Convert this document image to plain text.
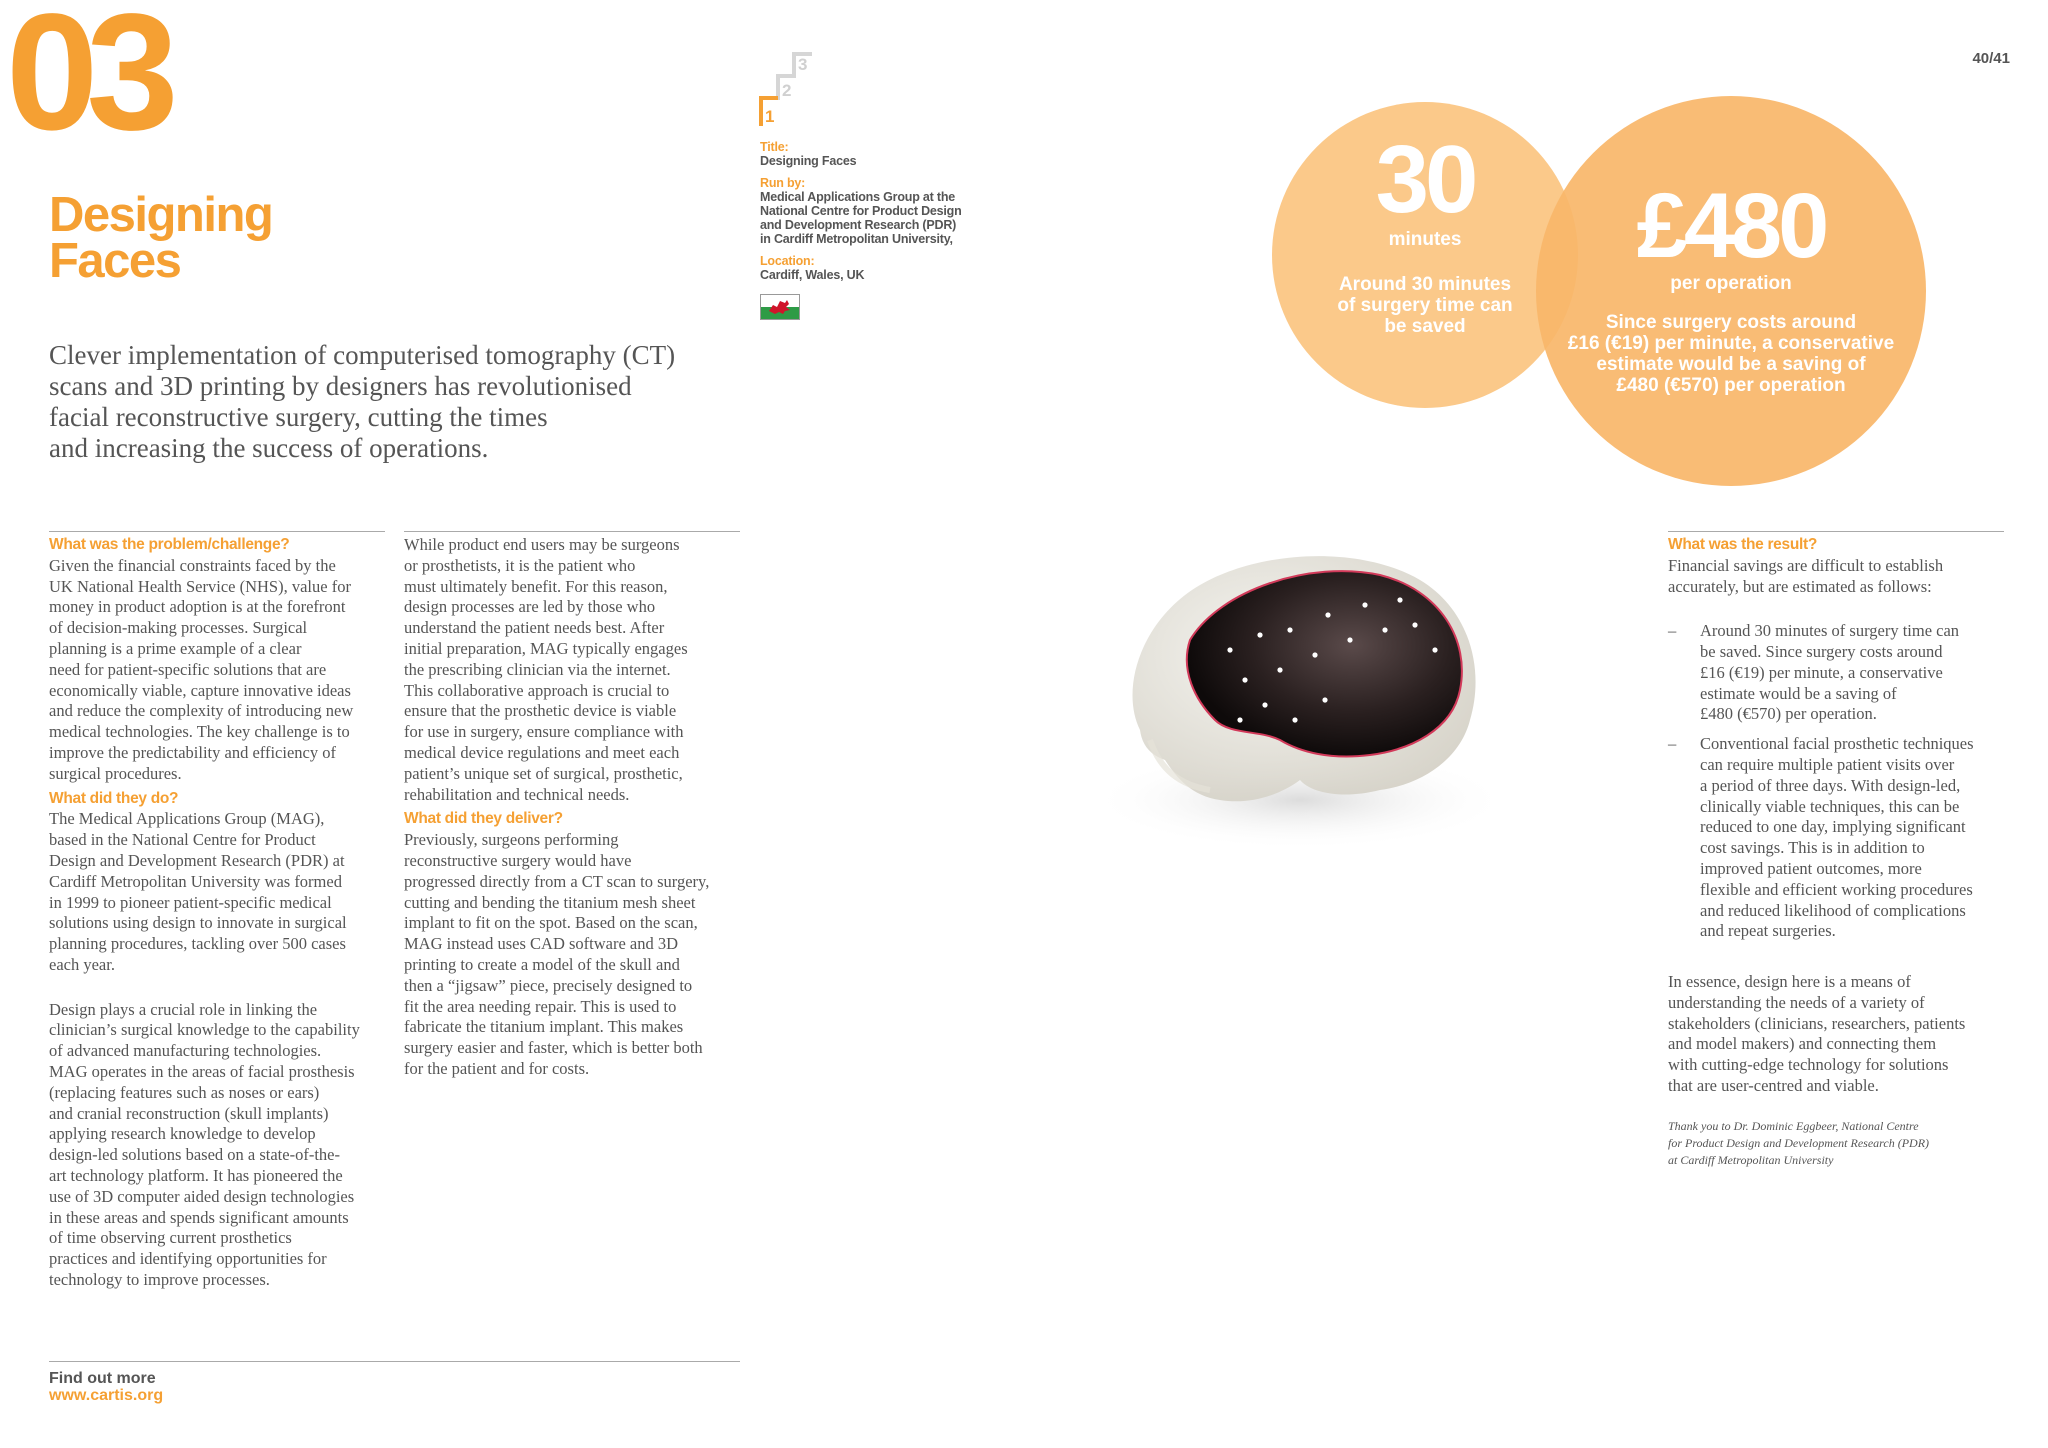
03
Designing
Faces
Clever implementation of computerised tomography (CT)
scans and 3D printing by designers has revolutionised
facial reconstructive surgery, cutting the times
and increasing the success of operations.
1
2
3
Title:
Designing Faces
Run by:
Medical Applications Group at the
National Centre for Product Design
and Development Research (PDR)
in Cardiff Metropolitan University,
Location:
Cardiff, Wales, UK
40/41
30
minutes
Around 30 minutes
of surgery time can
be saved
£480
per operation
Since surgery costs around
£16 (€19) per minute, a conservative
estimate would be a saving of
£480 (€570) per operation
What was the problem/challenge?

Given the financial constraints faced by the
UK National Health Service (NHS), value for
money in product adoption is at the forefront
of decision-making processes. Surgical
planning is a prime example of a clear
need for patient-specific solutions that are
economically viable, capture innovative ideas
and reduce the complexity of introducing new
medical technologies. The key challenge is to
improve the predictability and efficiency of
surgical procedures.

What did they do?

The Medical Applications Group (MAG),
based in the National Centre for Product
Design and Development Research (PDR) at
Cardiff Metropolitan University was formed
in 1999 to pioneer patient-specific medical
solutions using design to innovate in surgical
planning procedures, tackling over 500 cases
each year.

Design plays a crucial role in linking the
clinician’s surgical knowledge to the capability
of advanced manufacturing technologies.
MAG operates in the areas of facial prosthesis
(replacing features such as noses or ears)
and cranial reconstruction (skull implants)
applying research knowledge to develop
design-led solutions based on a state-of-the-
art technology platform. It has pioneered the
use of 3D computer aided design technologies
in these areas and spends significant amounts
of time observing current prosthetics
practices and identifying opportunities for
technology to improve processes.

While product end users may be surgeons
or prosthetists, it is the patient who
must ultimately benefit. For this reason,
design processes are led by those who
understand the patient needs best. After
initial preparation, MAG typically engages
the prescribing clinician via the internet.
This collaborative approach is crucial to
ensure that the prosthetic device is viable
for use in surgery, ensure compliance with
medical device regulations and meet each
patient’s unique set of surgical, prosthetic,
rehabilitation and technical needs.

What did they deliver?

Previously, surgeons performing
reconstructive surgery would have
progressed directly from a CT scan to surgery,
cutting and bending the titanium mesh sheet
implant to fit on the spot. Based on the scan,
MAG instead uses CAD software and 3D
printing to create a model of the skull and
then a “jigsaw” piece, precisely designed to
fit the area needing repair. This is used to
fabricate the titanium implant. This makes
surgery easier and faster, which is better both
for the patient and for costs.

What was the result?

Financial savings are difficult to establish
accurately, but are estimated as follows:

– Around 30 minutes of surgery time can
be saved. Since surgery costs around
£16 (€19) per minute, a conservative
estimate would be a saving of
£480 (€570) per operation.
– Conventional facial prosthetic techniques
can require multiple patient visits over
a period of three days. With design-led,
clinically viable techniques, this can be
reduced to one day, implying significant
cost savings. This is in addition to
improved patient outcomes, more
flexible and efficient working procedures
and reduced likelihood of complications
and repeat surgeries.

In essence, design here is a means of
understanding the needs of a variety of
stakeholders (clinicians, researchers, patients
and model makers) and connecting them
with cutting-edge technology for solutions
that are user-centred and viable.

Thank you to Dr. Dominic Eggbeer, National Centre
for Product Design and Development Research (PDR)
at Cardiff Metropolitan University
Find out more
www.cartis.org
